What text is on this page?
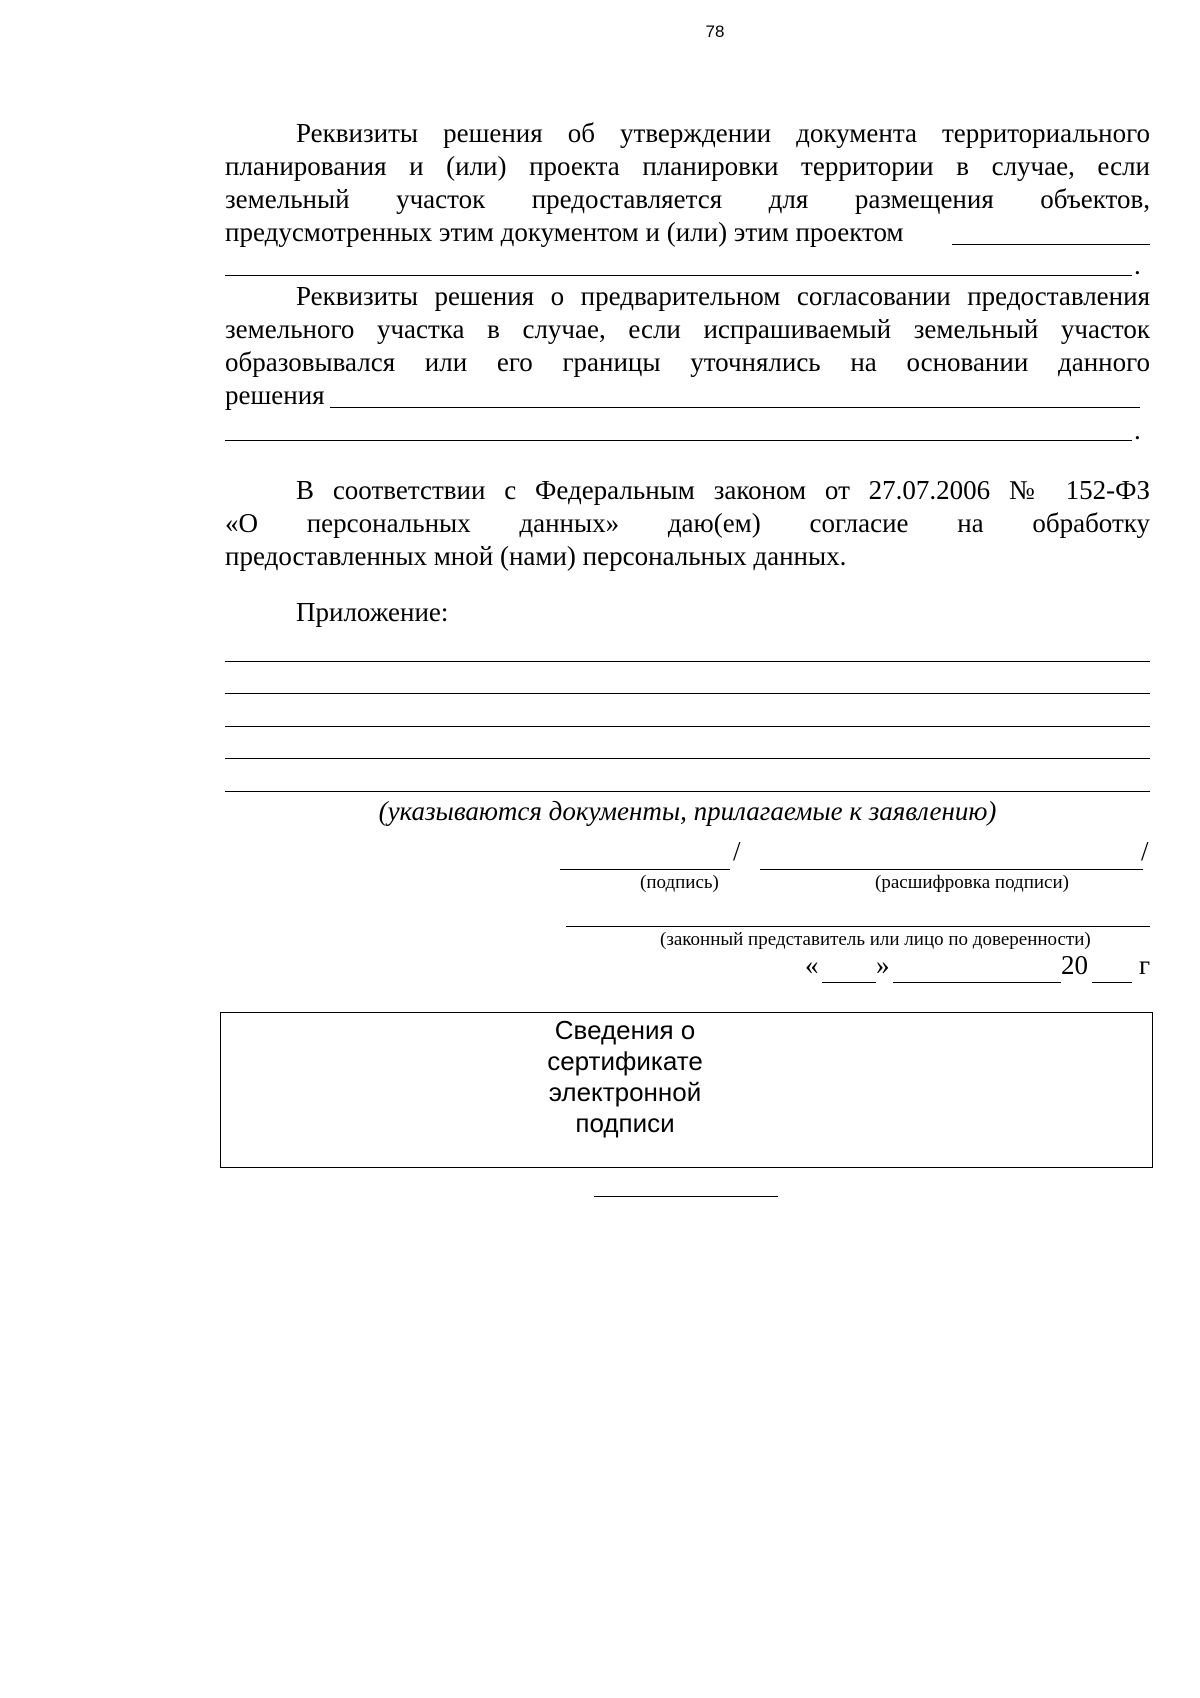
78
Реквизиты решения об утверждении документа территориального
планирования и (или) проекта планировки территории в случае, если
земельный участок предоставляется для размещения объектов,
предусмотренных этим документом и (или) этим проектом
.
Реквизиты решения о предварительном согласовании предоставления
земельного участка в случае, если испрашиваемый земельный участок
образовывался или его границы уточнялись на основании данного
решения
.
В соответствии с Федеральным законом от 27.07.2006 № 152-ФЗ
«О персональных данных» даю(ем) согласие на обработку
предоставленных мной (нами) персональных данных.
Приложение:
(указываются документы, прилагаемые к заявлению)
/	/
(подпись)	(расшифровка подписи)
(законный представитель или лицо по доверенности)
« »	20 г
Сведения о
сертификате
электронной
подписи
